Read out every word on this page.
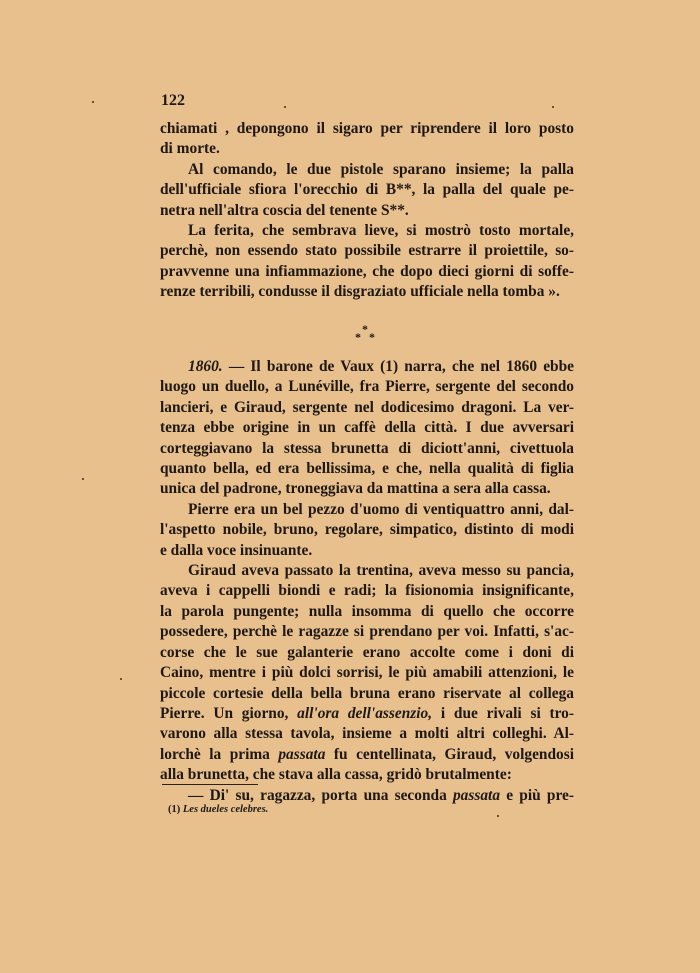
122

chiamati , depongono il sigaro per riprendere il loro posto

di morte.

Al comando, le due pistole sparano insieme; la palla

dell'ufficiale sfiora l'orecchio di B**, la palla del quale pe-

netra nell'altra coscia del tenente S**.

La ferita, che sembrava lieve, si mostrò tosto mortale,

perchè, non essendo stato possibile estrarre il proiettile, so-

pravvenne una infiammazione, che dopo dieci giorni di soffe-

renze terribili, condusse il disgraziato ufficiale nella tomba ».

*
* *

1860. — Il barone de Vaux (1) narra, che nel 1860 ebbe

luogo un duello, a Lunéville, fra Pierre, sergente del secondo

lancieri, e Giraud, sergente nel dodicesimo dragoni. La ver-

tenza ebbe origine in un caffè della città. I due avversari

corteggiavano la stessa brunetta di diciott'anni, civettuola

quanto bella, ed era bellissima, e che, nella qualità di figlia

unica del padrone, troneggiava da mattina a sera alla cassa.

Pierre era un bel pezzo d'uomo di ventiquattro anni, dal-

l'aspetto nobile, bruno, regolare, simpatico, distinto di modi

e dalla voce insinuante.

Giraud aveva passato la trentina, aveva messo su pancia,

aveva i cappelli biondi e radi; la fisionomia insignificante,

la parola pungente; nulla insomma di quello che occorre

possedere, perchè le ragazze si prendano per voi. Infatti, s'ac-

corse che le sue galanterie erano accolte come i doni di

Caino, mentre i più dolci sorrisi, le più amabili attenzioni, le

piccole cortesie della bella bruna erano riservate al collega

Pierre. Un giorno, all'ora dell'assenzio, i due rivali si tro-

varono alla stessa tavola, insieme a molti altri colleghi. Al-

lorchè la prima passata fu centellinata, Giraud, volgendosi

alla brunetta, che stava alla cassa, gridò brutalmente:

— Di' su, ragazza, porta una seconda passata e più pre-

(1) Les dueles celebres.
